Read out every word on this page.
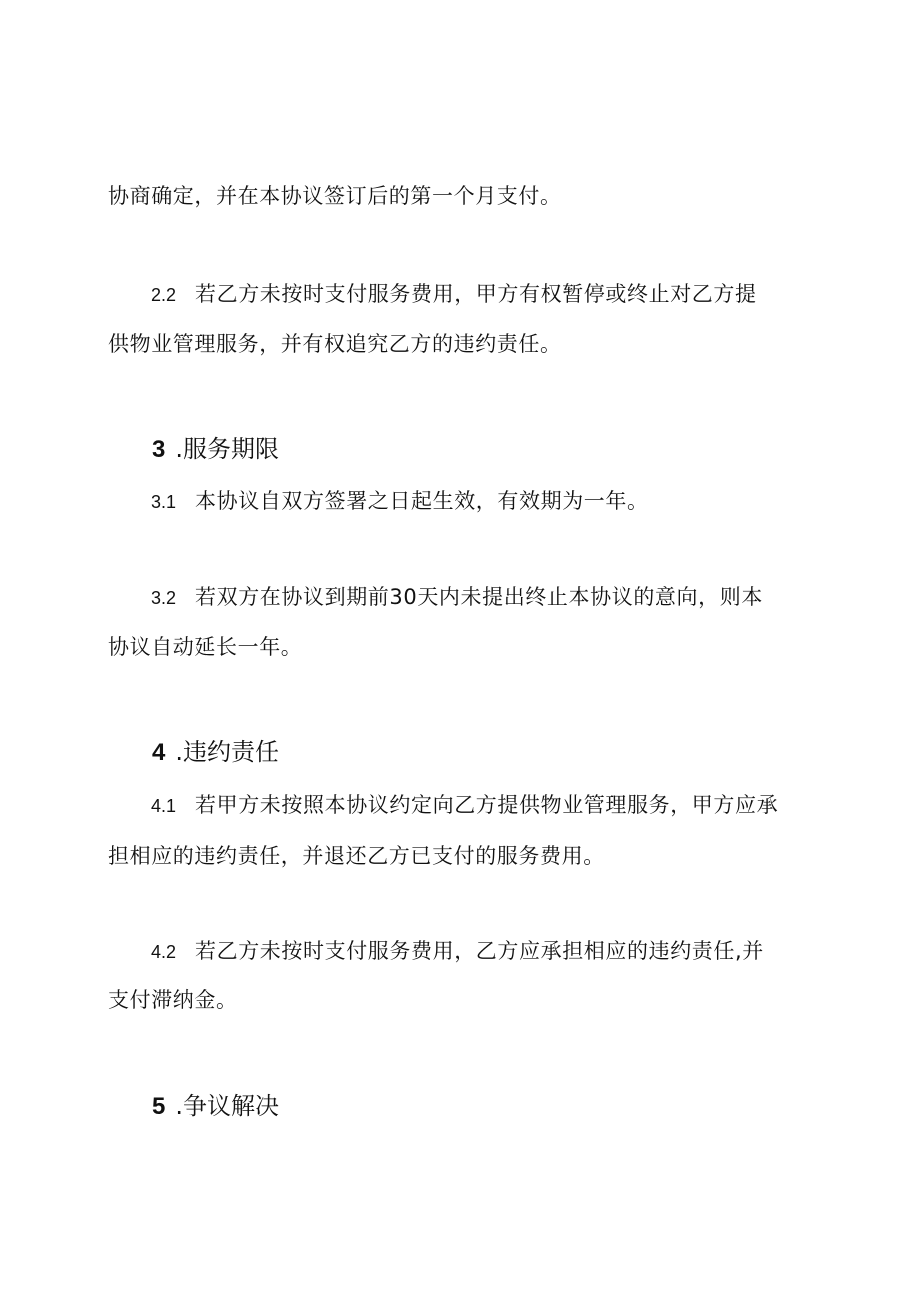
协商确定，并在本协议签订后的第一个月支付。
2.2 若乙方未按时支付服务费用，甲方有权暂停或终止对乙方提
供物业管理服务，并有权追究乙方的违约责任。
3 .服务期限
3.1 本协议自双方签署之日起生效，有效期为一年。
3.2 若双方在协议到期前30天内未提出终止本协议的意向，则本
协议自动延长一年。
4 .违约责任
4.1 若甲方未按照本协议约定向乙方提供物业管理服务，甲方应承
担相应的违约责任，并退还乙方已支付的服务费用。
4.2 若乙方未按时支付服务费用，乙方应承担相应的违约责任,并
支付滞纳金。
5 .争议解决
